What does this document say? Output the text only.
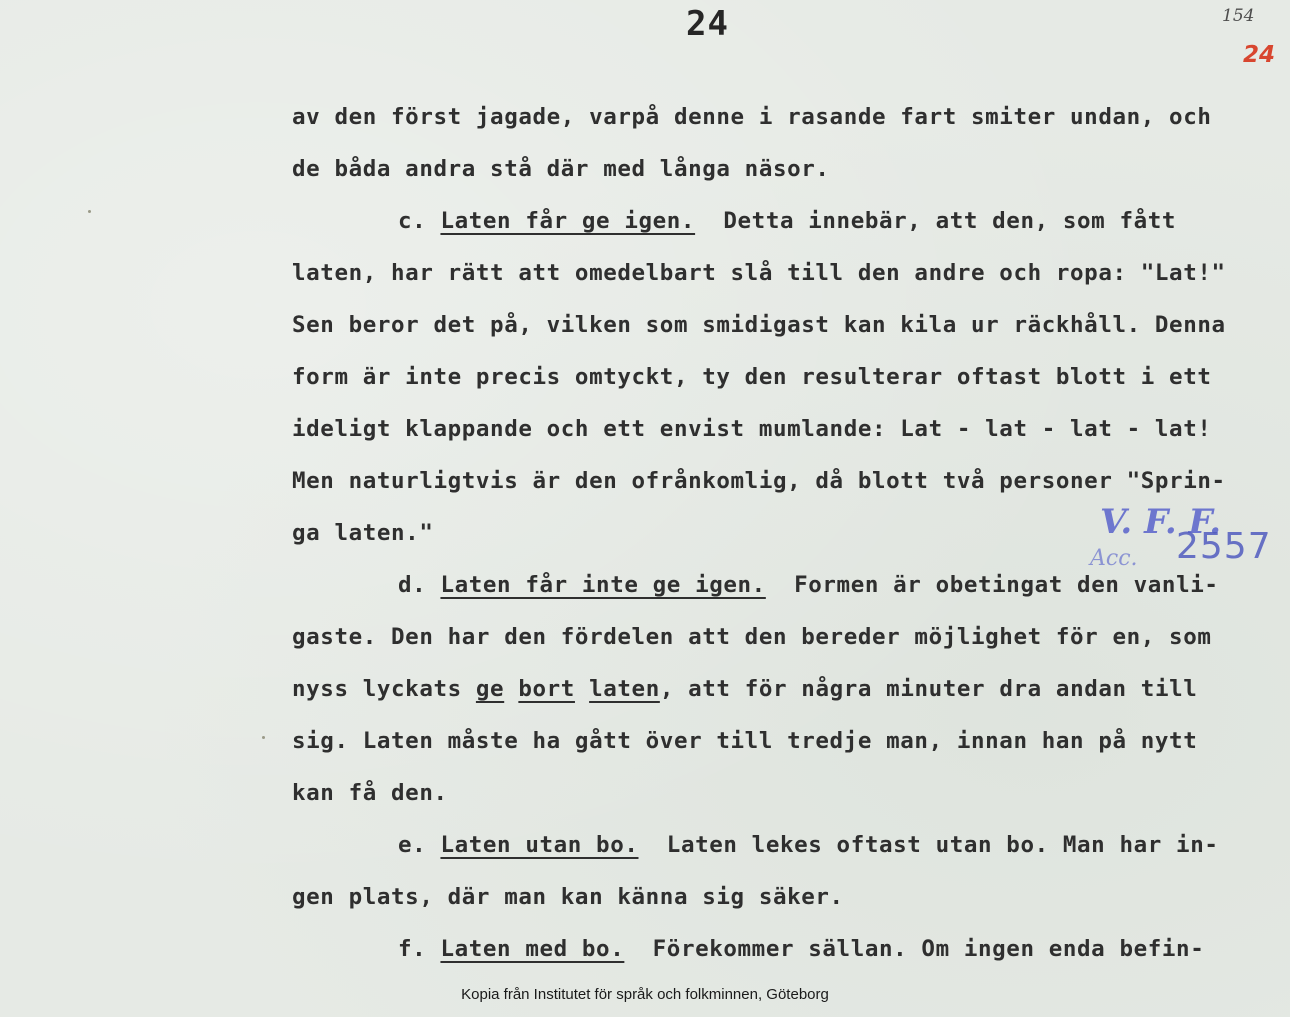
24	154
24
av den först jagade, varpå denne i rasande fart smiter undan, och
de båda andra stå där med långa näsor.
c. Laten får ge igen.  Detta innebär, att den, som fått
laten, har rätt att omedelbart slå till den andre och ropa: "Lat!"
Sen beror det på, vilken som smidigast kan kila ur räckhåll. Denna
form är inte precis omtyckt, ty den resulterar oftast blott i ett
ideligt klappande och ett envist mumlande: Lat - lat - lat - lat!
Men naturligtvis är den ofrånkomlig, då blott två personer "Sprin-
ga laten."
d. Laten får inte ge igen.  Formen är obetingat den vanli-
gaste. Den har den fördelen att den bereder möjlighet för en, som
nyss lyckats ge bort laten, att för några minuter dra andan till
sig. Laten måste ha gått över till tredje man, innan han på nytt
kan få den.
e. Laten utan bo.  Laten lekes oftast utan bo. Man har in-
gen plats, där man kan känna sig säker.
f. Laten med bo.  Förekommer sällan. Om ingen enda befin-
V. F. F.
Acc. 2557
Kopia från Institutet för språk och folkminnen, Göteborg
